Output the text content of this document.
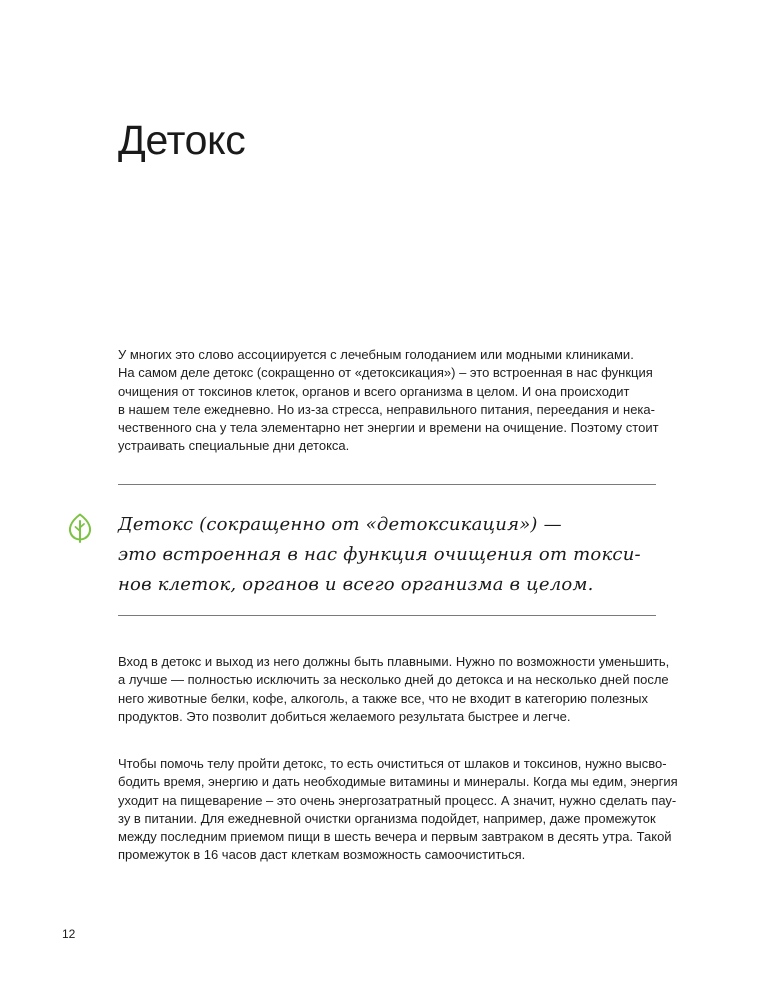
Детокс

У многих это слово ассоциируется с лечебным голоданием или модными клиниками.
На самом деле детокс (сокращенно от «детоксикация») – это встроенная в нас функция
очищения от токсинов клеток, органов и всего организма в целом. И она происходит
в нашем теле ежедневно. Но из-за стресса, неправильного питания, переедания и нека-
чественного сна у тела элементарно нет энергии и времени на очищение. Поэтому стоит
устраивать специальные дни детокса.

Детокс (сокращенно от «детоксикация») —
это встроенная в нас функция очищения от токси-
нов клеток, органов и всего организма в целом.

Вход в детокс и выход из него должны быть плавными. Нужно по возможности уменьшить,
а лучше — полностью исключить за несколько дней до детокса и на несколько дней после
него животные белки, кофе, алкоголь, а также все, что не входит в категорию полезных
продуктов. Это позволит добиться желаемого результата быстрее и легче.

Чтобы помочь телу пройти детокс, то есть очиститься от шлаков и токсинов, нужно высво-
бодить время, энергию и дать необходимые витамины и минералы. Когда мы едим, энергия
уходит на пищеварение – это очень энергозатратный процесс. А значит, нужно сделать пау-
зу в питании. Для ежедневной очистки организма подойдет, например, даже промежуток
между последним приемом пищи в шесть вечера и первым завтраком в десять утра. Такой
промежуток в 16 часов даст клеткам возможность самоочиститься.

12
